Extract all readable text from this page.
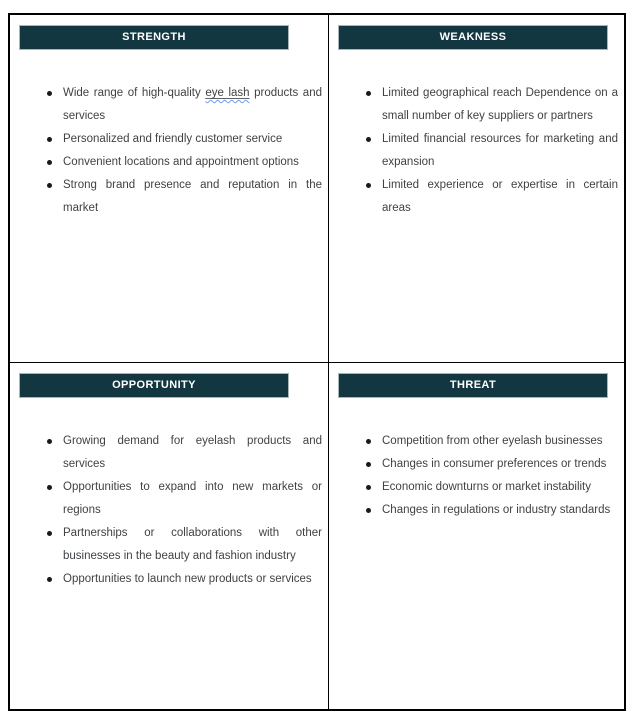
STRENGTH
Wide range of high-quality eye lash products and services
Personalized and friendly customer service
Convenient locations and appointment options
Strong brand presence and reputation in the market
WEAKNESS
Limited geographical reach Dependence on a small number of key suppliers or partners
Limited financial resources for marketing and expansion
Limited experience or expertise in certain areas
OPPORTUNITY
Growing demand for eyelash products and services
Opportunities to expand into new markets or regions
Partnerships or collaborations with other businesses in the beauty and fashion industry
Opportunities to launch new products or services
THREAT
Competition from other eyelash businesses
Changes in consumer preferences or trends
Economic downturns or market instability
Changes in regulations or industry standards
